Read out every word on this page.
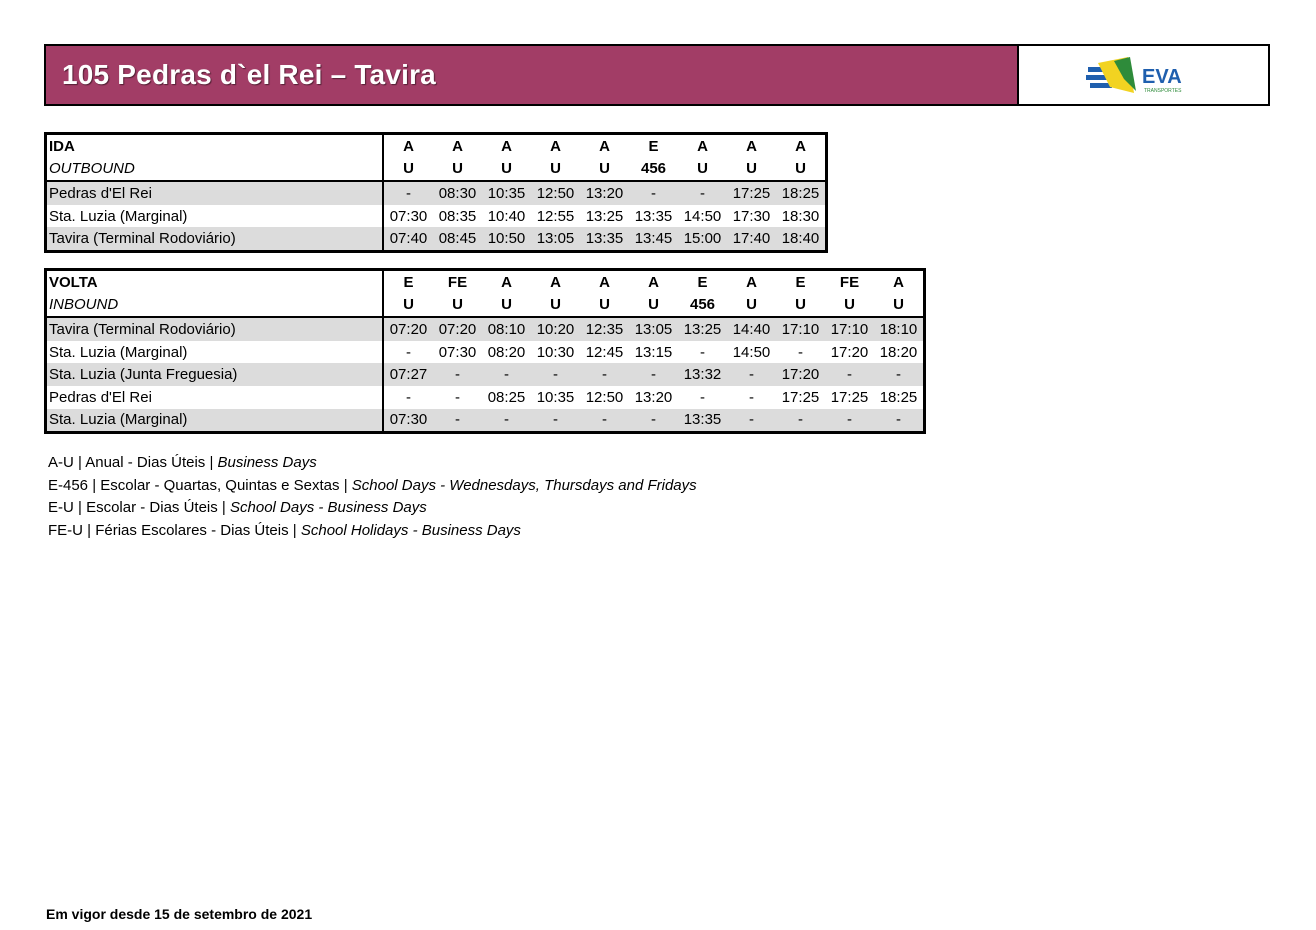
105 Pedras d`el Rei – Tavira	EVA
TRANSPORTES
IDA	A	A	A	A	A	E	A	A	A
OUTBOUND	U	U	U	U	U	456	U	U	U
Pedras d'El Rei	-	08:30	10:35	12:50	13:20	-	-	17:25	18:25
Sta. Luzia (Marginal)	07:30	08:35	10:40	12:55	13:25	13:35	14:50	17:30	18:30
Tavira (Terminal Rodoviário)	07:40	08:45	10:50	13:05	13:35	13:45	15:00	17:40	18:40
VOLTA	E	FE	A	A	A	A	E	A	E	FE	A
INBOUND	U	U	U	U	U	U	456	U	U	U	U
Tavira (Terminal Rodoviário)	07:20	07:20	08:10	10:20	12:35	13:05	13:25	14:40	17:10	17:10	18:10
Sta. Luzia (Marginal)	-	07:30	08:20	10:30	12:45	13:15	-	14:50	-	17:20	18:20
Sta. Luzia (Junta Freguesia)	07:27	-	-	-	-	-	13:32	-	17:20	-	-
Pedras d'El Rei	-	-	08:25	10:35	12:50	13:20	-	-	17:25	17:25	18:25
Sta. Luzia (Marginal)	07:30	-	-	-	-	-	13:35	-	-	-	-
A-U | Anual - Dias Úteis | Business Days
E-456 | Escolar - Quartas, Quintas e Sextas | School Days - Wednesdays, Thursdays and Fridays
E-U | Escolar - Dias Úteis | School Days - Business Days
FE-U | Férias Escolares - Dias Úteis | School Holidays - Business Days
Em vigor desde 15 de setembro de 2021
